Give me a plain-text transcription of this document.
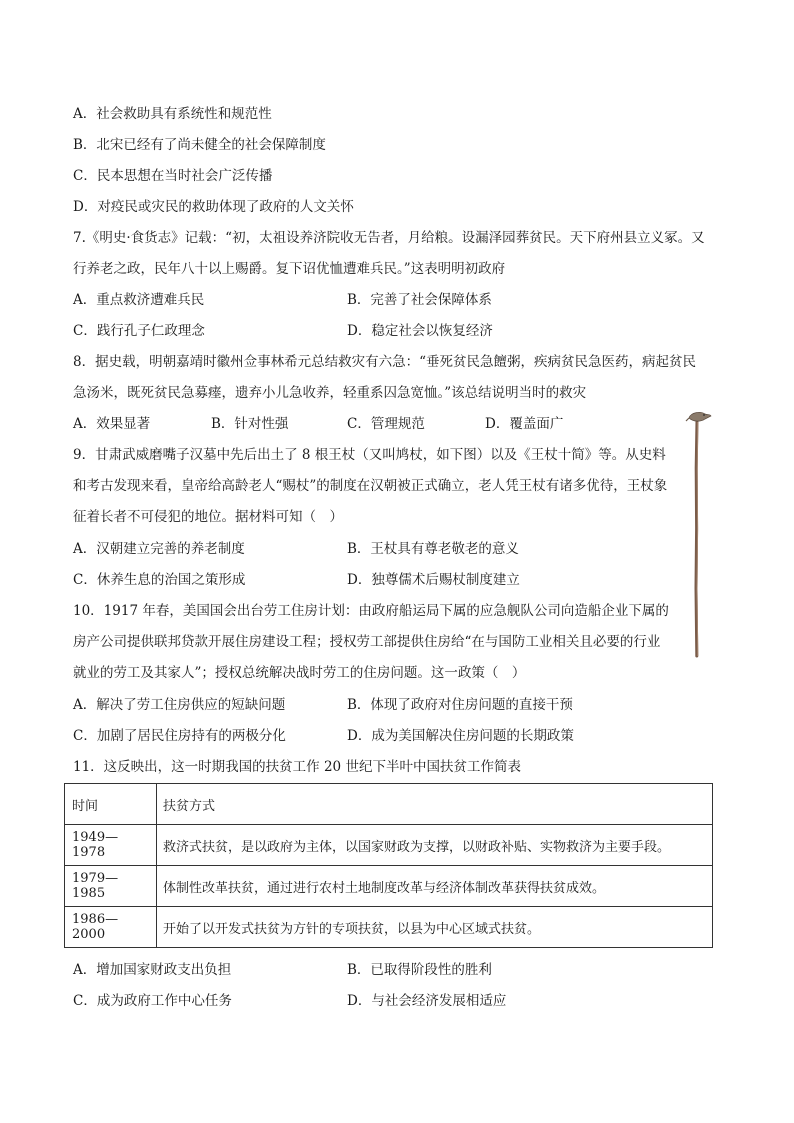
A．社会救助具有系统性和规范性
B．北宋已经有了尚未健全的社会保障制度
C．民本思想在当时社会广泛传播
D．对疫民或灾民的救助体现了政府的人文关怀
7.《明史·食货志》记载：“初，太祖设养济院收无告者，月给粮。设漏泽园葬贫民。天下府州县立义冢。又
行养老之政，民年八十以上赐爵。复下诏优恤遭难兵民。”这表明明初政府
A．重点救济遭难兵民	B．完善了社会保障体系
C．践行孔子仁政理念	D．稳定社会以恢复经济
8．据史载，明朝嘉靖时徽州佥事林希元总结救灾有六急：“垂死贫民急饘粥，疾病贫民急医药，病起贫民
急汤米，既死贫民急募瘗，遗弃小儿急收养，轻重系囚急宽恤。”该总结说明当时的救灾
A．效果显著	B．针对性强	C．管理规范	D．覆盖面广
9．甘肃武威磨嘴子汉墓中先后出土了 8 根王杖（又叫鸠杖，如下图）以及《王杖十简》等。从史料
和考古发现来看，皇帝给高龄老人“赐杖”的制度在汉朝被正式确立，老人凭王杖有诸多优待，王杖象
征着长者不可侵犯的地位。据材料可知（　）
A．汉朝建立完善的养老制度	B．王杖具有尊老敬老的意义
C．休养生息的治国之策形成	D．独尊儒术后赐杖制度建立
10．1917 年春，美国国会出台劳工住房计划：由政府船运局下属的应急舰队公司向造船企业下属的
房产公司提供联邦贷款开展住房建设工程；授权劳工部提供住房给“在与国防工业相关且必要的行业
就业的劳工及其家人”；授权总统解决战时劳工的住房问题。这一政策（　）
A．解决了劳工住房供应的短缺问题	B．体现了政府对住房问题的直接干预
C．加剧了居民住房持有的两极分化	D．成为美国解决住房问题的长期政策
11．这反映出，这一时期我国的扶贫工作 20 世纪下半叶中国扶贫工作简表
时间	扶贫方式
1949—1978	救济式扶贫，是以政府为主体，以国家财政为支撑，以财政补贴、实物救济为主要手段。
1979—1985	体制性改革扶贫，通过进行农村土地制度改革与经济体制改革获得扶贫成效。
1986—2000	开始了以开发式扶贫为方针的专项扶贫，以县为中心区域式扶贫。
A．增加国家财政支出负担	B．已取得阶段性的胜利
C．成为政府工作中心任务	D．与社会经济发展相适应
